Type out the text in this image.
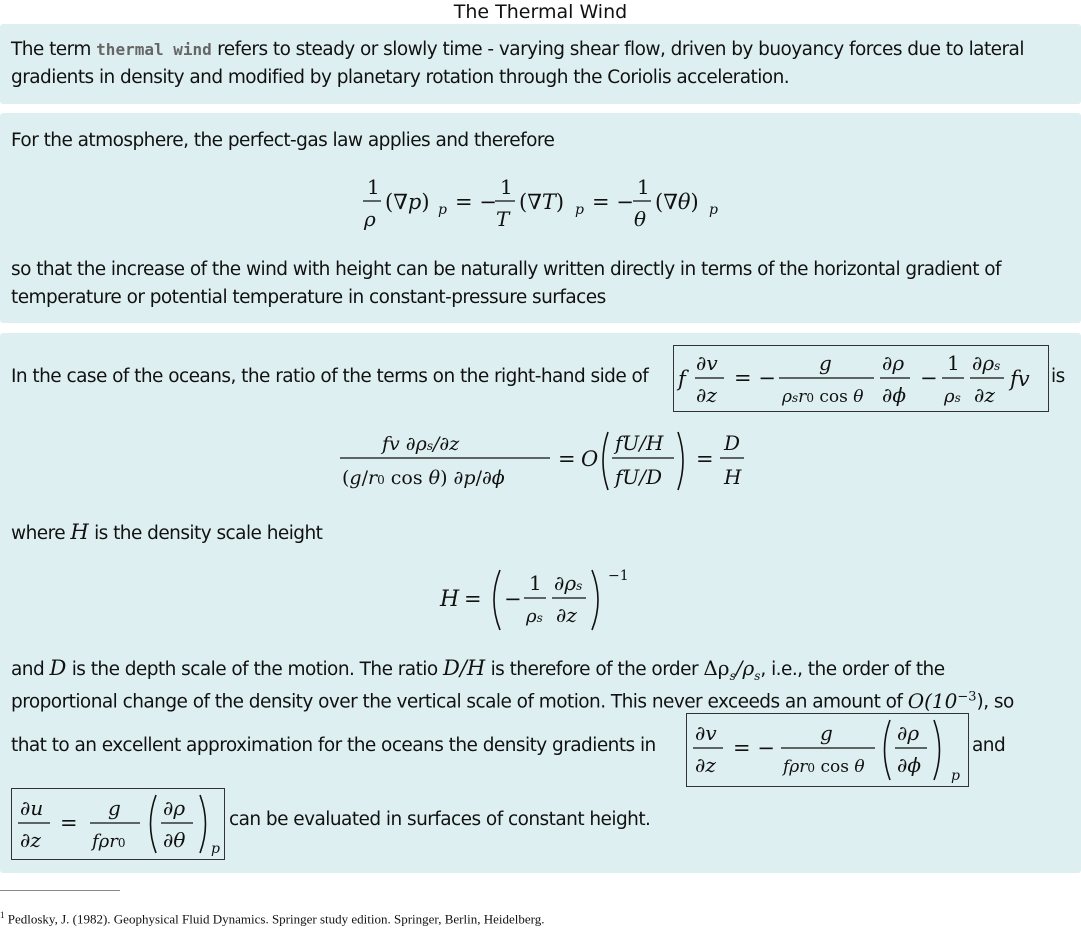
The Thermal Wind

The term thermal wind refers to steady or slowly time - varying shear flow, driven by buoyancy forces due to lateral gradients in density and modified by planetary rotation through the Coriolis acceleration.

For the atmosphere, the perfect-gas law applies and therefore

1
ρ
(∇p) p = −
1
T
(∇T) p = −
1
θ
(∇θ) p
so that the increase of the wind with height can be naturally written directly in terms of the horizontal gradient of temperature or potential temperature in constant-pressure surfaces
In the case of the oceans, the ratio of the terms on the right-hand side of f
∂v
∂z
= −
g
ρsr0 cos θ
∂ρ
∂ϕ
−
1
ρs
∂ρs
∂z
fv is
fv ∂ρs/∂z
(g/r0 cos θ) ∂p/∂ϕ
= O
fU/H
fU/D
=
D
H
where H is the density scale height
H = −
1
ρs
∂ρs
∂z
−1
and D is the depth scale of the motion. The ratio D/H is therefore of the order $\Delta\rho_s/\rho_s$, i.e., the order of the
proportional change of the density over the vertical scale of motion. This never exceeds an amount of $O(10^{-3})$, so
that to an excellent approximation for the oceans the density gradients in
∂v
∂z
= −
g
fρr0 cos θ
∂ρ
∂ϕ p
and
∂u
∂z
=
g
fρr0
∂ρ
∂θ p
can be evaluated in surfaces of constant height.
$^1$ Pedlosky, J. (1982). Geophysical Fluid Dynamics. Springer study edition. Springer, Berlin, Heidelberg.
